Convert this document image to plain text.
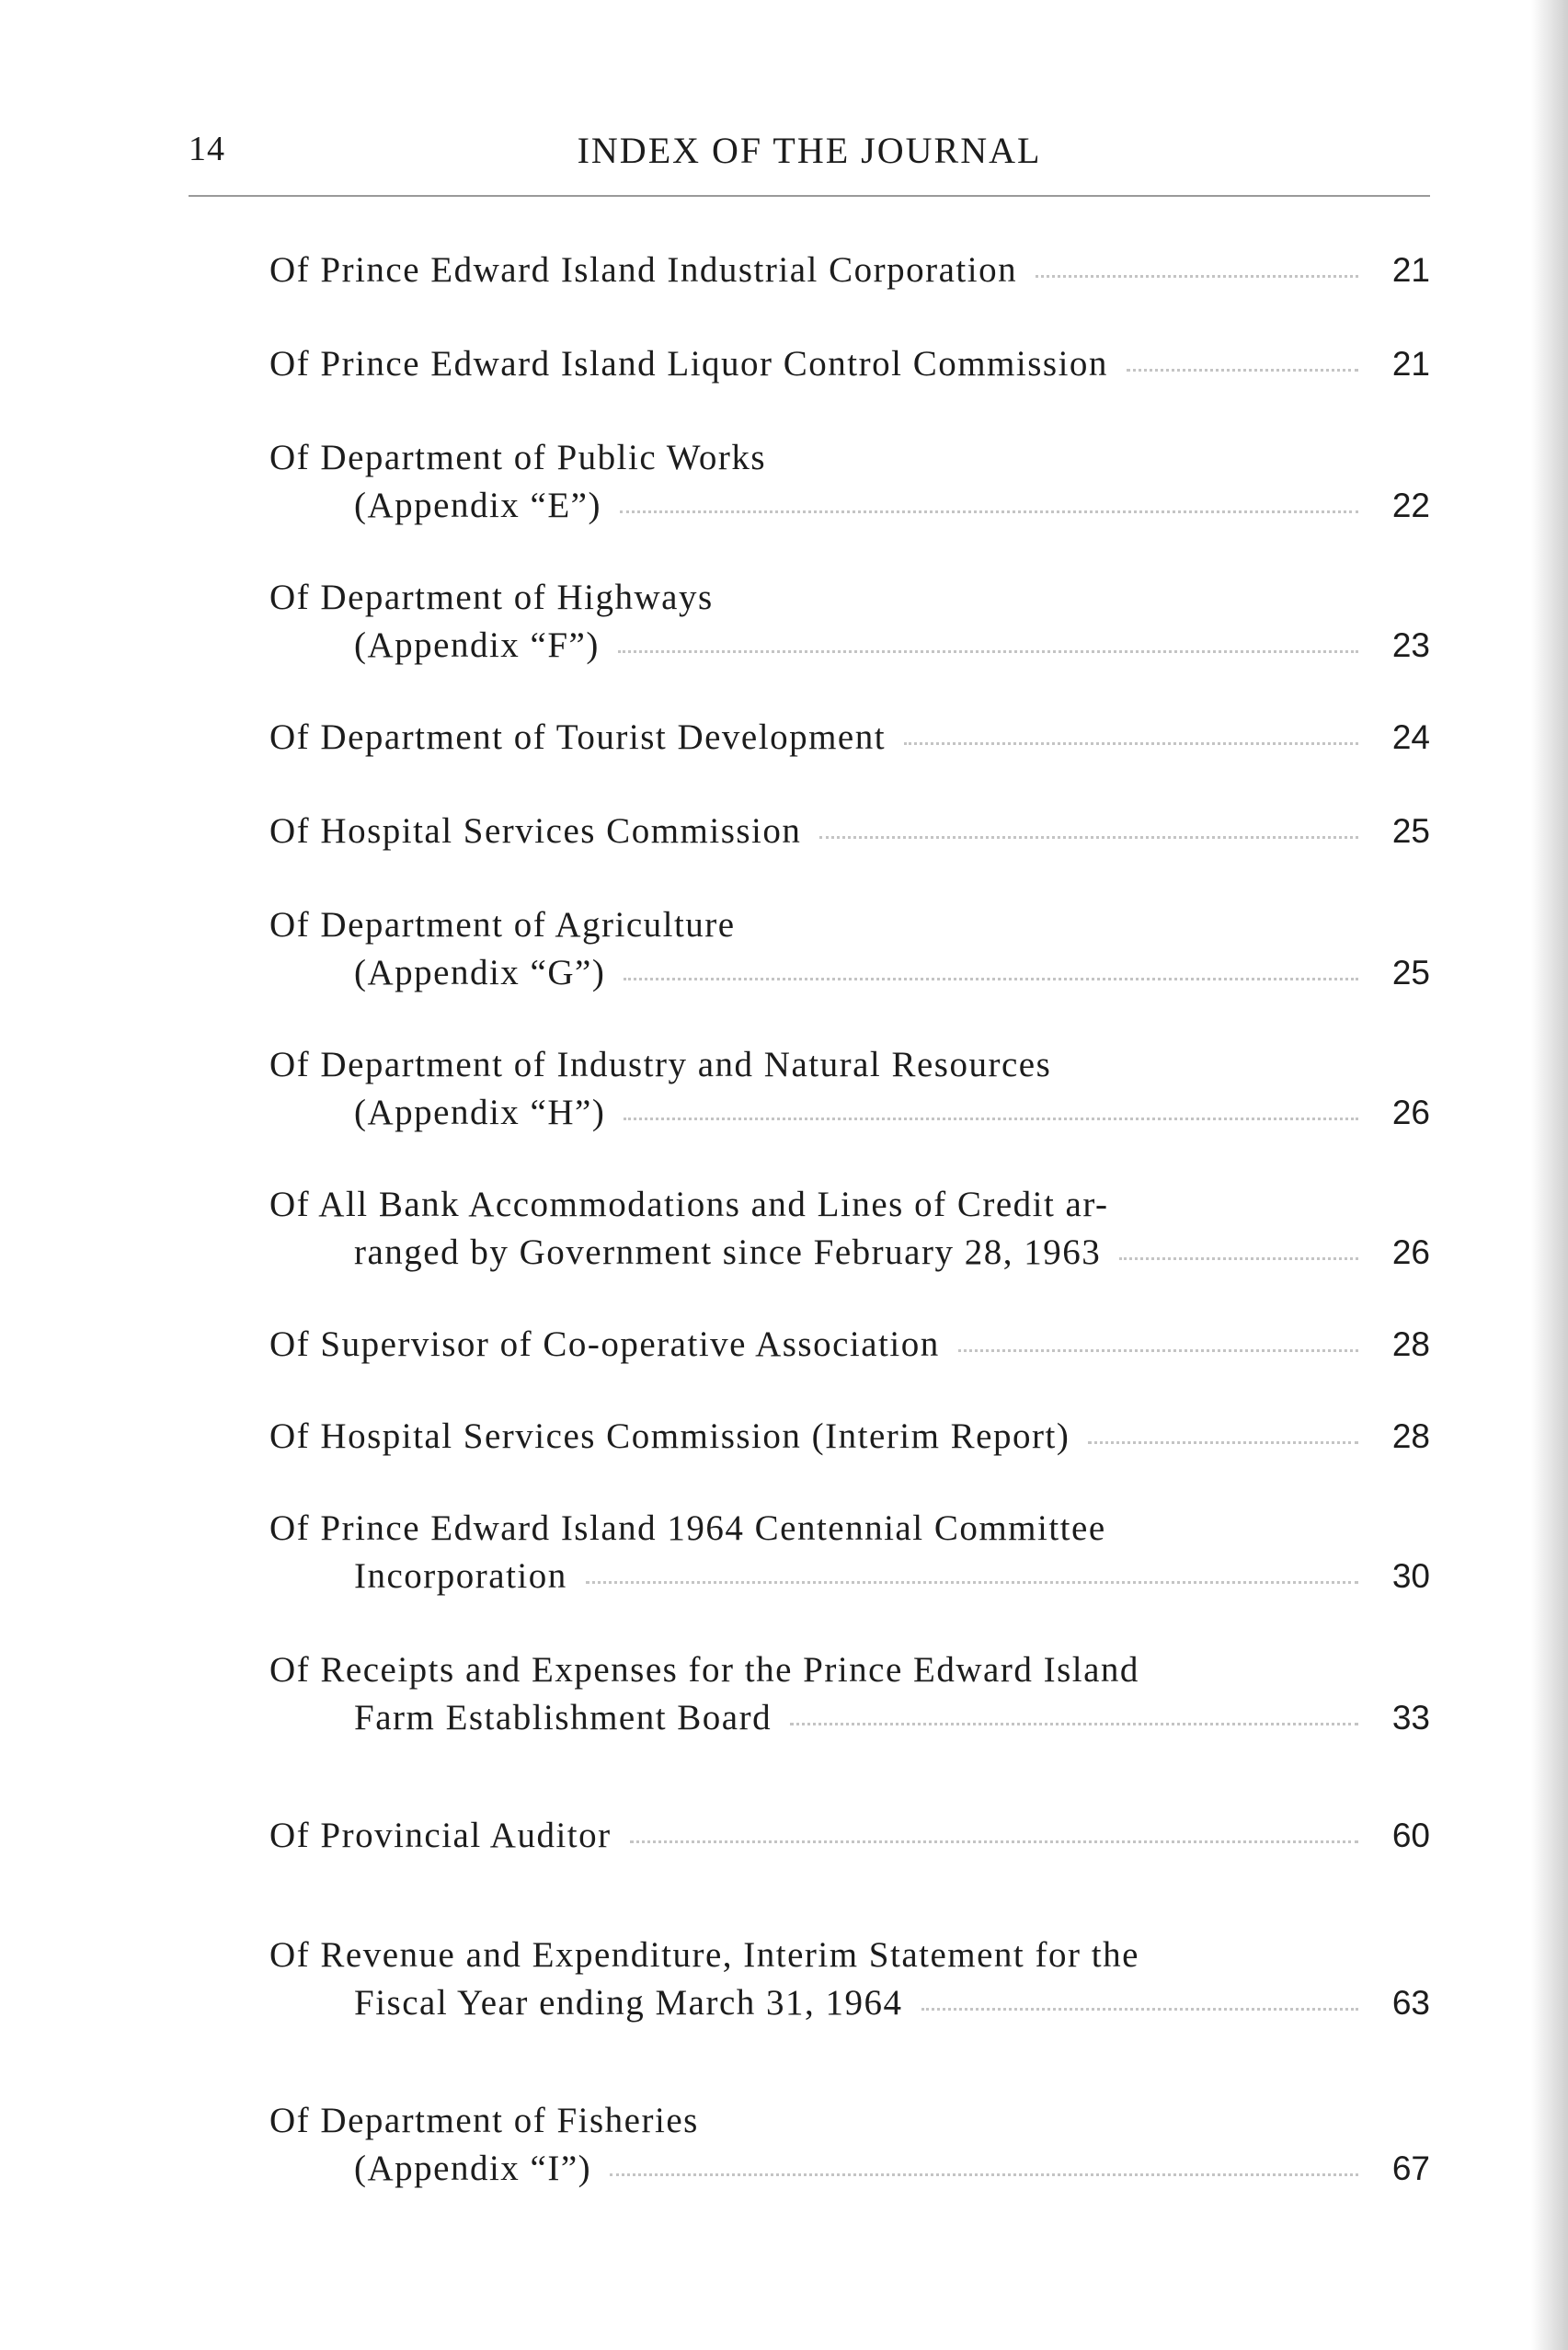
14	INDEX OF THE JOURNAL
Of Prince Edward Island Industrial Corporation	21
Of Prince Edward Island Liquor Control Commission	21
Of Department of Public Works
(Appendix “E”)	22
Of Department of Highways
(Appendix “F”)	23
Of Department of Tourist Development	24
Of Hospital Services Commission	25
Of Department of Agriculture
(Appendix “G”)	25
Of Department of Industry and Natural Resources
(Appendix “H”)	26
Of All Bank Accommodations and Lines of Credit ar-
ranged by Government since February 28, 1963	26
Of Supervisor of Co-operative Association	28
Of Hospital Services Commission (Interim Report)	28
Of Prince Edward Island 1964 Centennial Committee
Incorporation	30
Of Receipts and Expenses for the Prince Edward Island
Farm Establishment Board	33
Of Provincial Auditor	60
Of Revenue and Expenditure, Interim Statement for the
Fiscal Year ending March 31, 1964	63
Of Department of Fisheries
(Appendix “I”)	67
